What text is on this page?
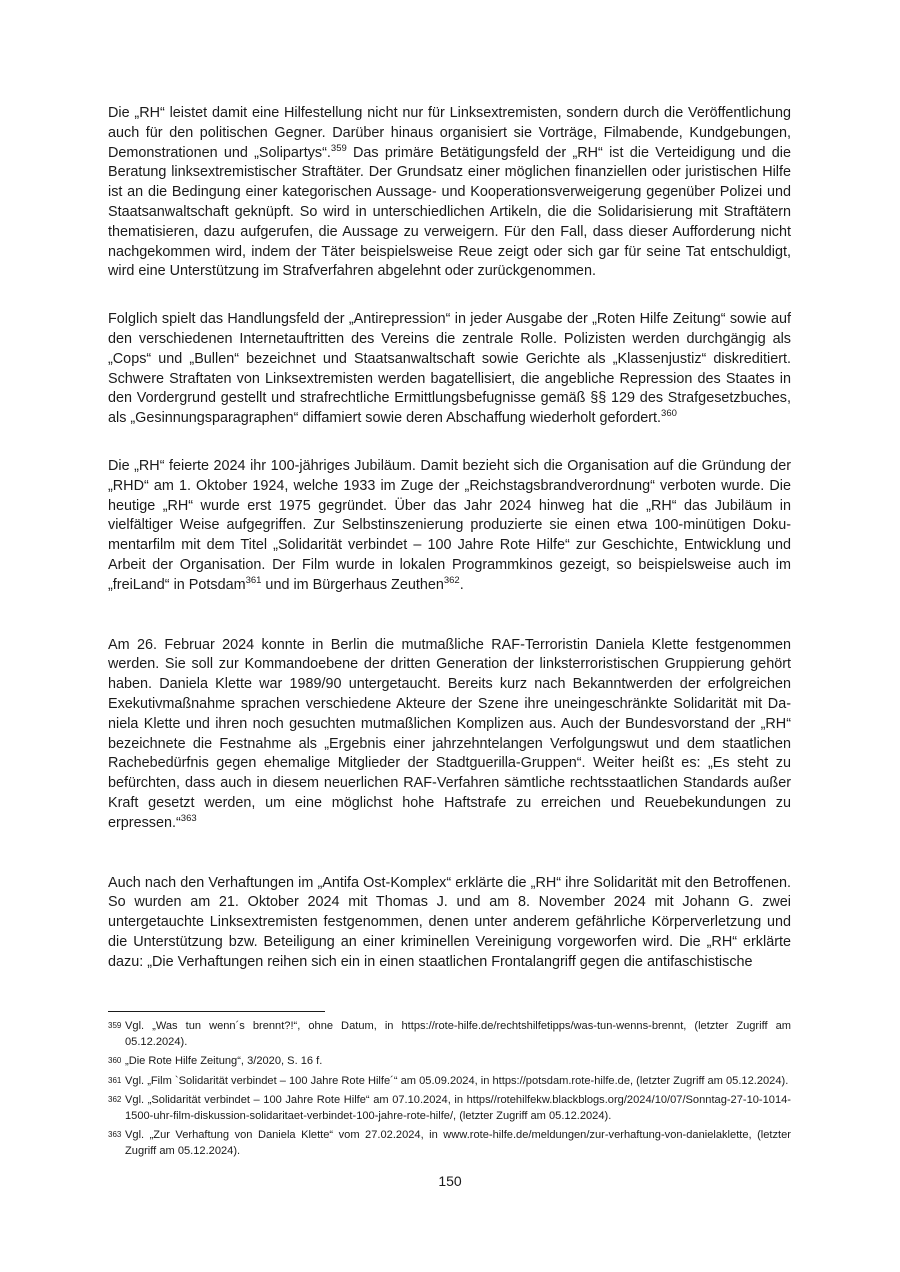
Die „RH“ leistet damit eine Hilfestellung nicht nur für Linksextremisten, sondern durch die Veröffentlichung auch für den politischen Gegner. Darüber hinaus organisiert sie Vorträge, Filmabende, Kundgebungen, Demonstrationen und „Solipartys“.$^{359}$ Das primäre Betätigungsfeld der „RH“ ist die Verteidigung und die Beratung linksextremistischer Straftäter. Der Grundsatz einer möglichen finanziellen oder juristischen Hilfe ist an die Bedingung einer kategorischen Aussage- und Kooperationsverweigerung gegenüber Polizei und Staatsanwaltschaft geknüpft. So wird in unterschiedlichen Artikeln, die die Solidarisierung mit Straftätern thematisieren, dazu aufgerufen, die Aussage zu verweigern. Für den Fall, dass dieser Aufforderung nicht nachgekommen wird, indem der Täter beispielsweise Reue zeigt oder sich gar für seine Tat entschuldigt, wird eine Unterstützung im Strafverfahren abgelehnt oder zurückgenommen.

Folglich spielt das Handlungsfeld der „Antirepression“ in jeder Ausgabe der „Roten Hilfe Zeitung“ sowie auf den verschiedenen Internetauftritten des Vereins die zentrale Rolle. Polizisten werden durchgängig als „Cops“ und „Bullen“ bezeichnet und Staatsanwaltschaft sowie Gerichte als „Klassenjustiz“ diskreditiert. Schwere Straftaten von Linksextremisten werden bagatellisiert, die angebliche Repression des Staates in den Vordergrund gestellt und strafrechtliche Ermittlungsbefugnisse gemäß §§ 129 des Strafgesetzbuches, als „Gesinnungsparagraphen“ diffamiert sowie deren Abschaffung wiederholt gefordert.$^{360}$

Die „RH“ feierte 2024 ihr 100-jähriges Jubiläum. Damit bezieht sich die Organisation auf die Gründung der „RHD“ am 1. Oktober 1924, welche 1933 im Zuge der „Reichstagsbrandverordnung“ verboten wurde. Die heutige „RH“ wurde erst 1975 gegründet. Über das Jahr 2024 hinweg hat die „RH“ das Jubiläum in vielfältiger Weise aufgegriffen. Zur Selbstinszenierung produzierte sie einen etwa 100-minütigen Dokumentarfilm mit dem Titel „Solidarität verbindet – 100 Jahre Rote Hilfe“ zur Geschichte, Entwicklung und Arbeit der Organisation. Der Film wurde in lokalen Programmkinos gezeigt, so beispielsweise auch im „freiLand“ in Potsdam$^{361}$ und im Bürgerhaus Zeuthen$^{362}$.

Am 26. Februar 2024 konnte in Berlin die mutmaßliche RAF-Terroristin Daniela Klette festgenommen werden. Sie soll zur Kommandoebene der dritten Generation der linksterroristischen Gruppierung gehört haben. Daniela Klette war 1989/90 untergetaucht. Bereits kurz nach Bekanntwerden der erfolgreichen Exekutivmaßnahme sprachen verschiedene Akteure der Szene ihre uneingeschränkte Solidarität mit Daniela Klette und ihren noch gesuchten mutmaßlichen Komplizen aus. Auch der Bundesvorstand der „RH“ bezeichnete die Festnahme als „Ergebnis einer jahrzehntelangen Verfolgungswut und dem staatlichen Rachebedürfnis gegen ehemalige Mitglieder der Stadtguerilla-Gruppen“. Weiter heißt es: „Es steht zu befürchten, dass auch in diesem neuerlichen RAF-Verfahren sämtliche rechtsstaatlichen Standards außer Kraft gesetzt werden, um eine möglichst hohe Haftstrafe zu erreichen und Reuebekundungen zu erpressen.“$^{363}$

Auch nach den Verhaftungen im „Antifa Ost-Komplex“ erklärte die „RH“ ihre Solidarität mit den Betroffenen. So wurden am 21. Oktober 2024 mit Thomas J. und am 8. November 2024 mit Johann G. zwei untergetauchte Linksextremisten festgenommen, denen unter anderem gefährliche Körperverletzung und die Unterstützung bzw. Beteiligung an einer kriminellen Vereinigung vorgeworfen wird. Die „RH“ erklärte dazu: „Die Verhaftungen reihen sich ein in einen staatlichen Frontalangriff gegen die antifaschistische

359 Vgl. „Was tun wenn´s brennt?!“, ohne Datum, in https://rote-hilfe.de/rechtshilfetipps/was-tun-wenns-brennt, (letzter Zugriff am 05.12.2024).

360 „Die Rote Hilfe Zeitung“, 3/2020, S. 16 f.

361 Vgl. „Film `Solidarität verbindet – 100 Jahre Rote Hilfe´“ am 05.09.2024, in https://potsdam.rote-hilfe.de, (letzter Zugriff am 05.12.2024).

362 Vgl. „Solidarität verbindet – 100 Jahre Rote Hilfe“ am 07.10.2024, in https//rotehilfekw.blackblogs.org/2024/10/07/Sonntag-27-10-1014-1500-uhr-film-diskussion-solidaritaet-verbindet-100-jahre-rote-hilfe/, (letzter Zugriff am 05.12.2024).

363 Vgl. „Zur Verhaftung von Daniela Klette“ vom 27.02.2024, in www.rote-hilfe.de/meldungen/zur-verhaftung-von-danielaklette, (letzter Zugriff am 05.12.2024).

150
